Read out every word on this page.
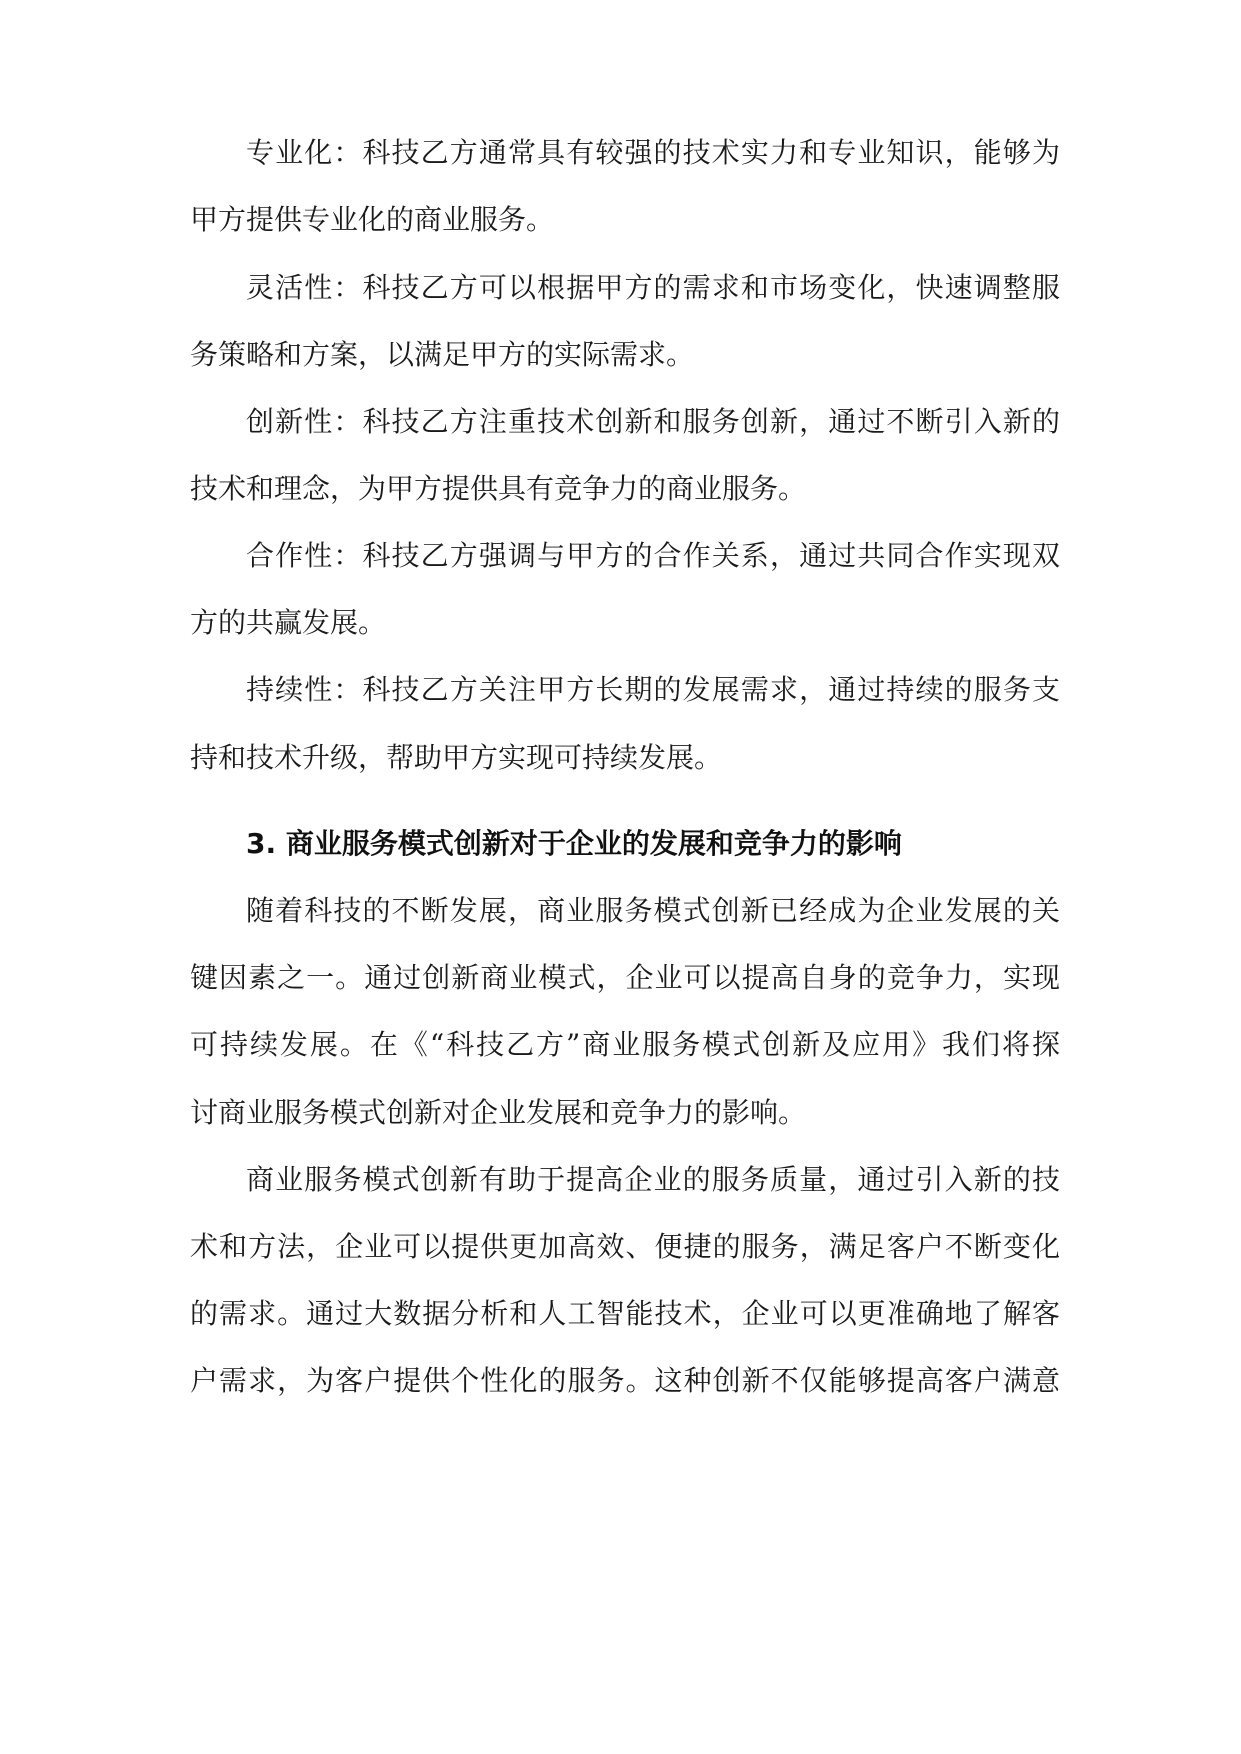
专业化：科技乙方通常具有较强的技术实力和专业知识，能够为
甲方提供专业化的商业服务。
灵活性：科技乙方可以根据甲方的需求和市场变化，快速调整服
务策略和方案，以满足甲方的实际需求。
创新性：科技乙方注重技术创新和服务创新，通过不断引入新的
技术和理念，为甲方提供具有竞争力的商业服务。
合作性：科技乙方强调与甲方的合作关系，通过共同合作实现双
方的共赢发展。
持续性：科技乙方关注甲方长期的发展需求，通过持续的服务支
持和技术升级，帮助甲方实现可持续发展。
3. 商业服务模式创新对于企业的发展和竞争力的影响
随着科技的不断发展，商业服务模式创新已经成为企业发展的关
键因素之一。通过创新商业模式，企业可以提高自身的竞争力，实现
可持续发展。在《“科技乙方”商业服务模式创新及应用》我们将探
讨商业服务模式创新对企业发展和竞争力的影响。
商业服务模式创新有助于提高企业的服务质量，通过引入新的技
术和方法，企业可以提供更加高效、便捷的服务，满足客户不断变化
的需求。通过大数据分析和人工智能技术，企业可以更准确地了解客
户需求，为客户提供个性化的服务。这种创新不仅能够提高客户满意
